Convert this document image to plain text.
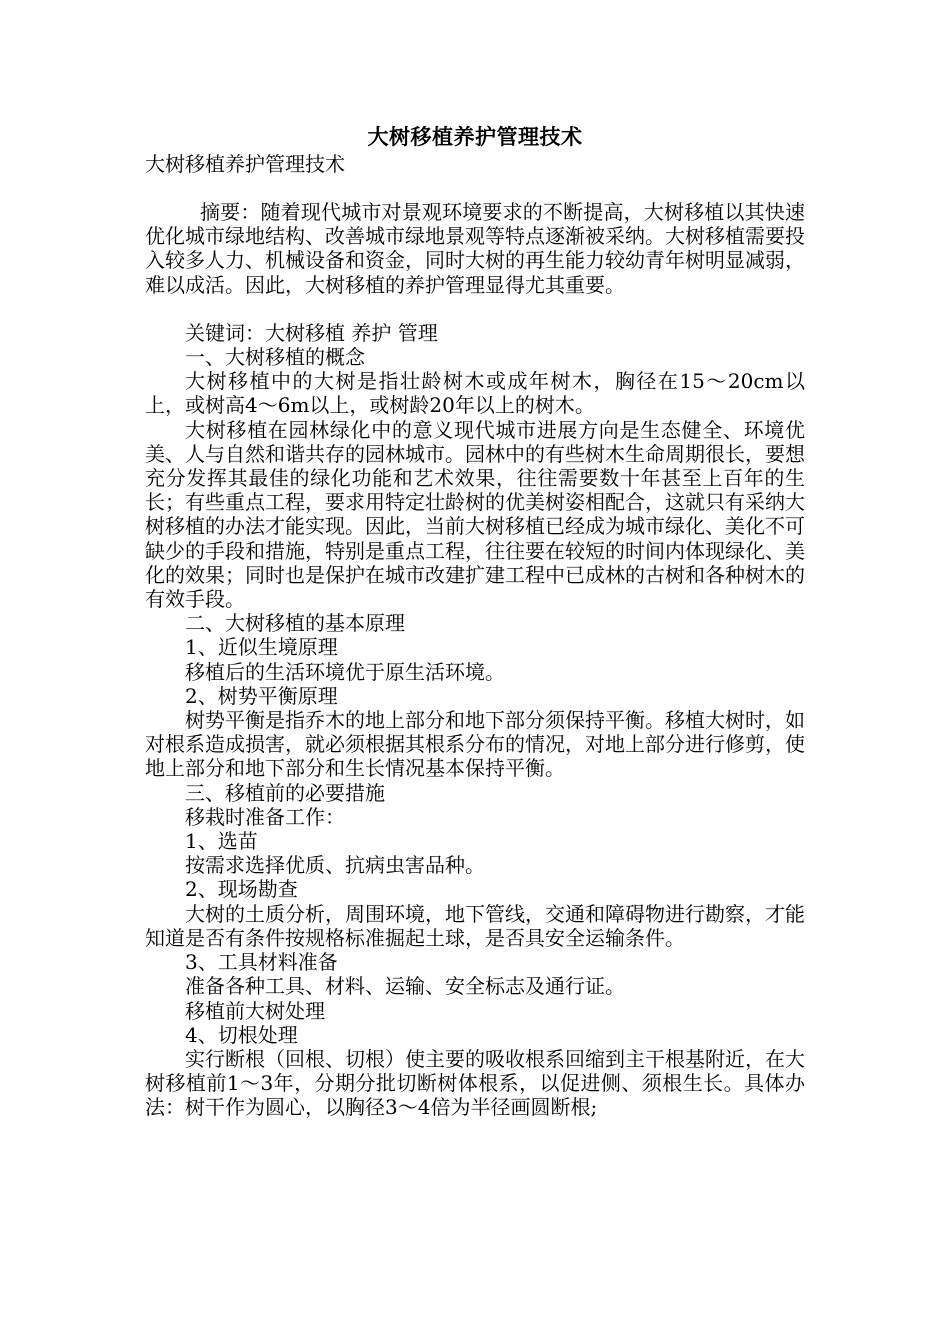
大树移植养护管理技术

大树移植养护管理技术

摘要：随着现代城市对景观环境要求的不断提高，大树移植以其快速优化城市绿地结构、改善城市绿地景观等特点逐渐被采纳。大树移植需要投入较多人力、机械设备和资金，同时大树的再生能力较幼青年树明显减弱，难以成活。因此，大树移植的养护管理显得尤其重要。

关键词：大树移植 养护 管理

一、大树移植的概念

大树移植中的大树是指壮龄树木或成年树木，胸径在15～20cm以上，或树高4～6m以上，或树龄20年以上的树木。

大树移植在园林绿化中的意义现代城市进展方向是生态健全、环境优美、人与自然和谐共存的园林城市。园林中的有些树木生命周期很长，要想充分发挥其最佳的绿化功能和艺术效果，往往需要数十年甚至上百年的生长；有些重点工程，要求用特定壮龄树的优美树姿相配合，这就只有采纳大树移植的办法才能实现。因此，当前大树移植已经成为城市绿化、美化不可缺少的手段和措施，特别是重点工程，往往要在较短的时间内体现绿化、美化的效果；同时也是保护在城市改建扩建工程中已成林的古树和各种树木的有效手段。

二、大树移植的基本原理

1、近似生境原理

移植后的生活环境优于原生活环境。

2、树势平衡原理

树势平衡是指乔木的地上部分和地下部分须保持平衡。移植大树时，如对根系造成损害，就必须根据其根系分布的情况，对地上部分进行修剪，使地上部分和地下部分和生长情况基本保持平衡。

三、移植前的必要措施

移栽时准备工作：

1、选苗

按需求选择优质、抗病虫害品种。

2、现场勘查

大树的土质分析，周围环境，地下管线，交通和障碍物进行勘察，才能知道是否有条件按规格标准掘起土球，是否具安全运输条件。

3、工具材料准备

准备各种工具、材料、运输、安全标志及通行证。

移植前大树处理

4、切根处理

实行断根（回根、切根）使主要的吸收根系回缩到主干根基附近，在大树移植前1～3年，分期分批切断树体根系，以促进侧、须根生长。具体办法：树干作为圆心，以胸径3～4倍为半径画圆断根;
